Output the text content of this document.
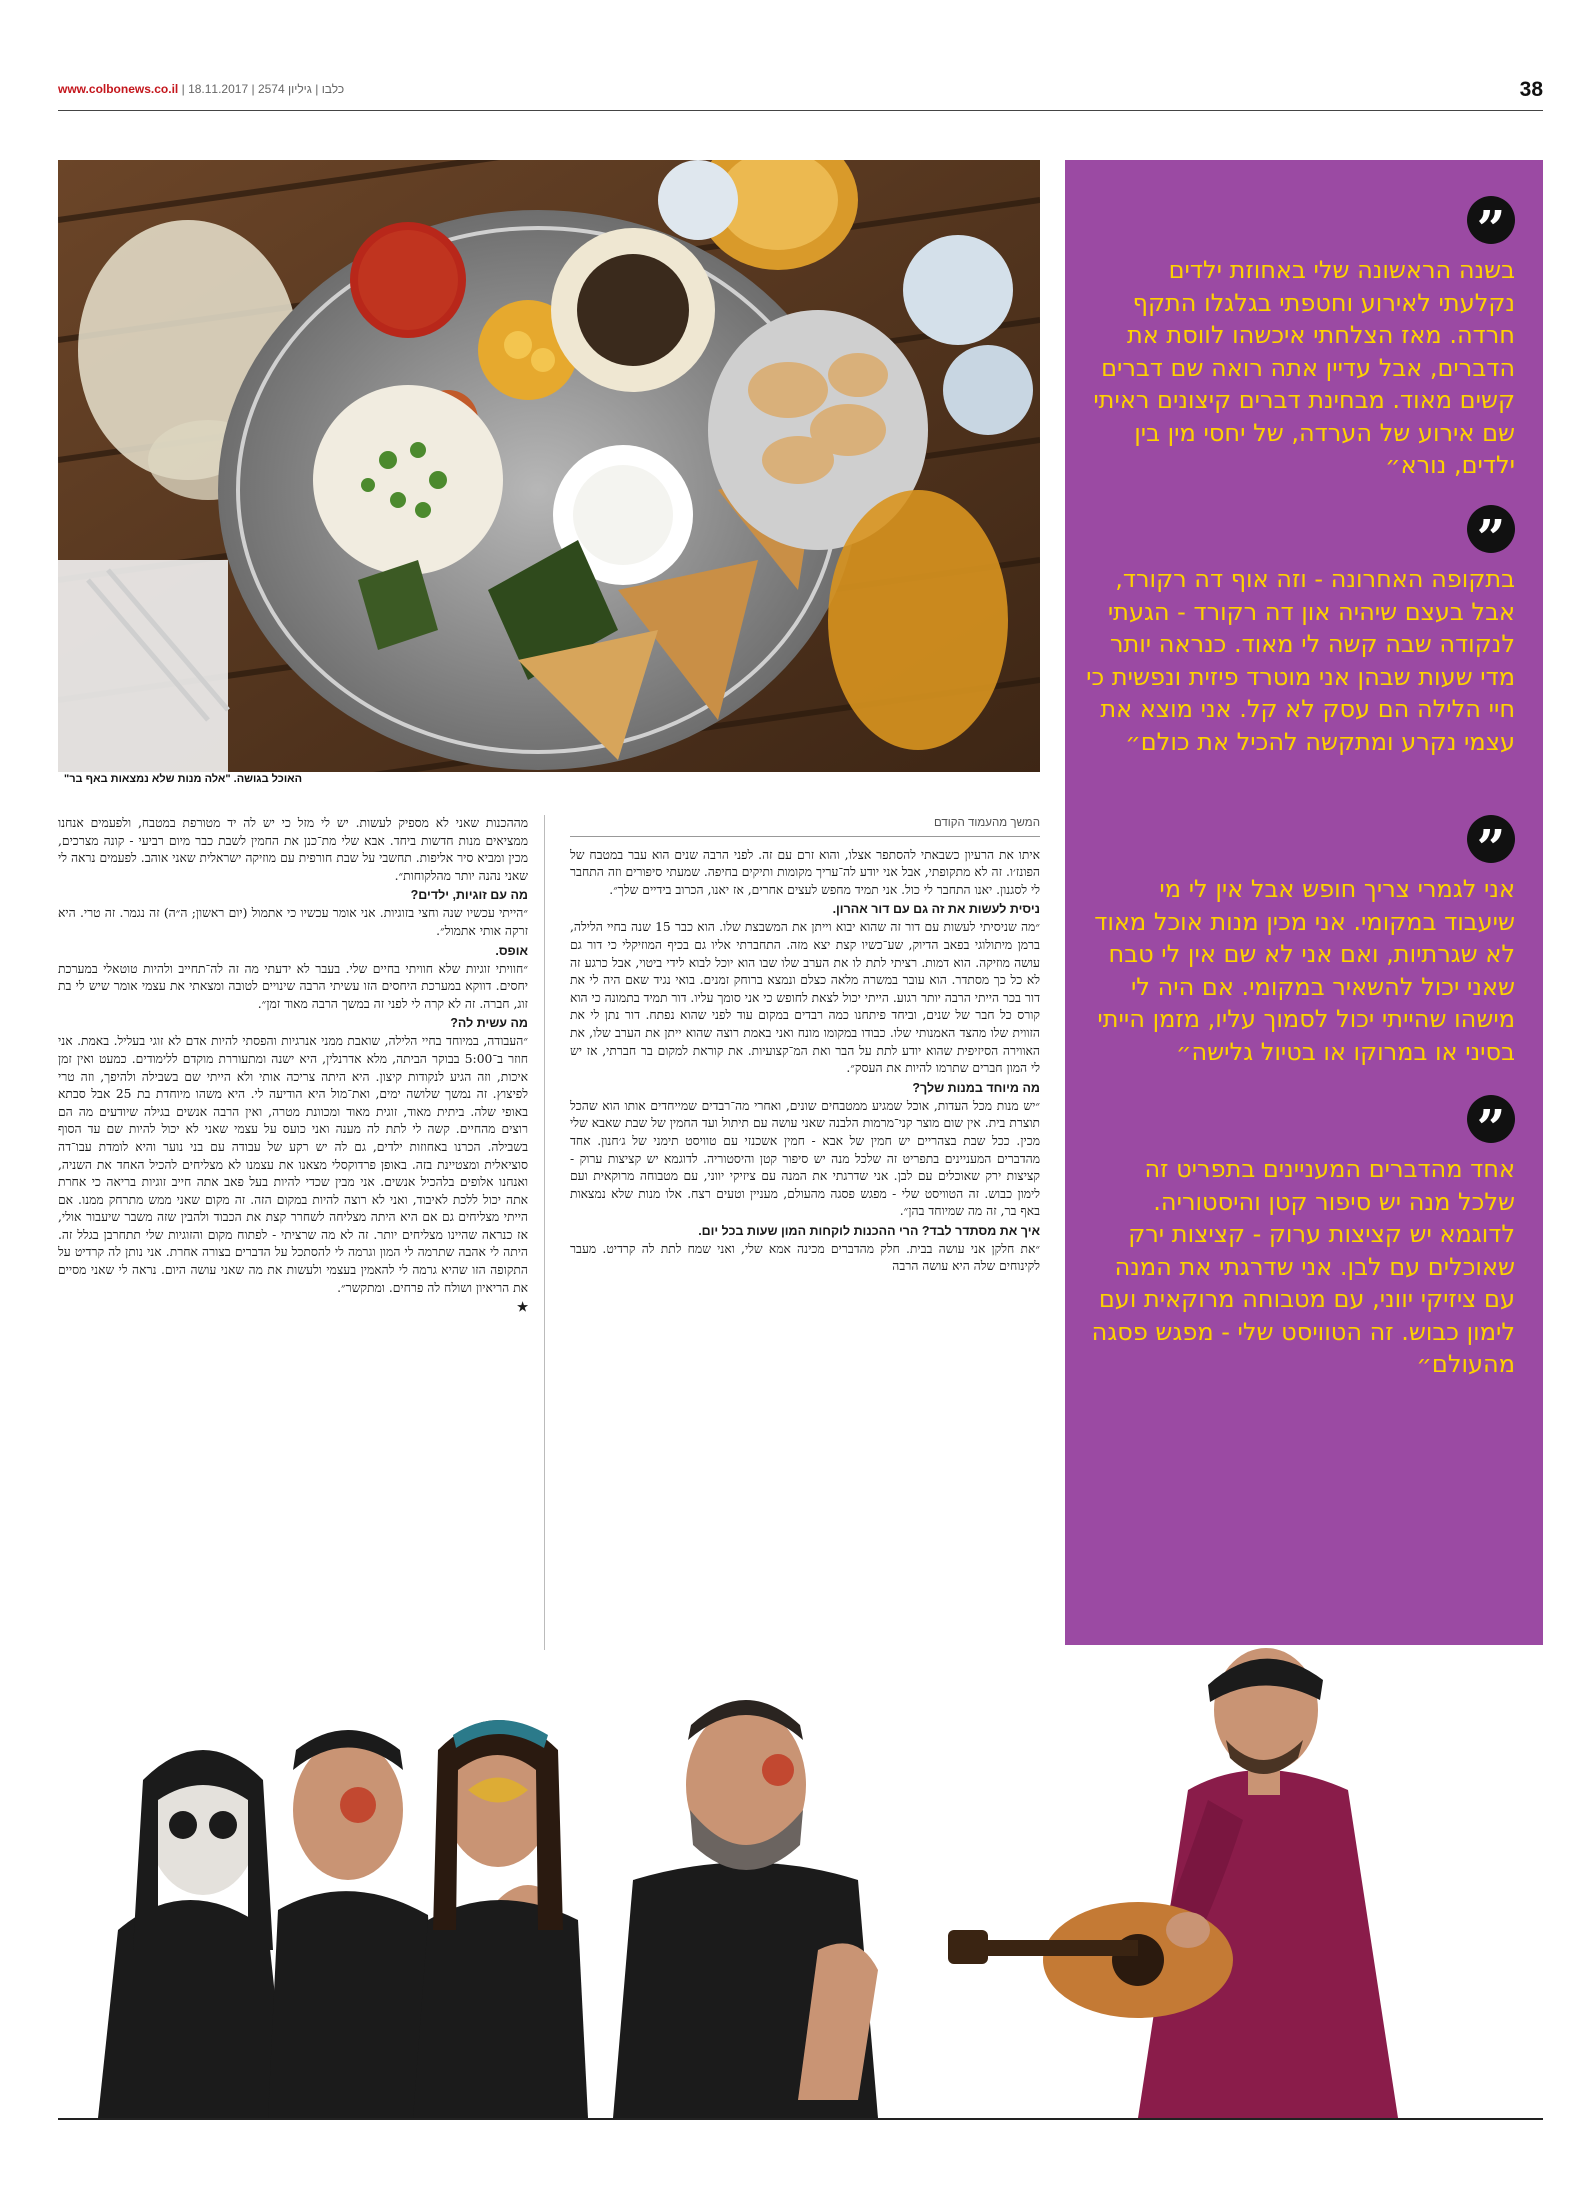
www.colbonews.co.il |	כלבו | גיליון 2574 | 18.11.2017	38
האוכל בגושה. "אלה מנות שלא נמצאות באף בר"
המשך מהעמוד הקודם

איתו את הרעיון כשבאתי להסתפר אצלו, והוא זרם עם זה. לפני הרבה שנים הוא עבר במטבח של הפונז׳ו. זה לא מתקופתי, אבל אני יודע לה־עריך מקומות ותיקים בחיפה. שמעתי סיפורים וזה התחבר לי לסגנון. יאנו התחבר לי כול. אני תמיד מחפש לעצים אחרים, אז יאנו, הכרוב בידיים שלך״.

ניסית לעשות את זה גם עם דור אהרון.

״מה שניסיתי לעשות עם דור זה שהוא יבוא וייתן את המשבצת שלו. הוא כבר 15 שנה בחיי הלילה, ברמן מיתולוגי בפאב הדיוק, שע־כשיו קצת יצא מזה. התחברתי אליו גם בכיף המוזיקלי כי דור גם עושה מוזיקה. הוא דמות. רציתי לתת לו את הערב שלו שבו הוא יוכל לבוא לידי ביטוי, אבל כרגע זה לא כל כך מסתדר. הוא עובר במשרה מלאה כצלם ונמצא ברוחק זמנים. בואי נגיד שאם היה לי את דור בכר הייתי הרבה יותר רגוע. הייתי יכול לצאת לחופש כי אני סומך עליו. דור תמיד בתמונה כי הוא קורס כל חבר של שנים, וביחד פיתחנו כמה רבדים במקום עוד לפני שהוא נפתח. דור נתן לי את הזווית שלו מהצד האמנותי שלו. כבודו במקומו מונח ואני באמת רוצה שהוא ייתן את הערב שלו, את האווירה הסיזיפית שהוא יודע לתת על הבר ואת המ־קצועיות. את קוראת למקום בר חברתי, אז יש לי המון חברים שתרמו להיות את העסק״.

מה מיוחד במנות שלך?

״יש מנות מכל העדות, אוכל שמגיע ממטבחים שונים, ואחרי מה־רבדים שמייחדים אותו הוא שהכל תוצרת בית. אין שום מוצר קני־מרמות הלבנה שאני עושה עם תיתול ועד החמין של שבת שאבא שלי מכין. ככל שבת בצהריים יש חמין של אבא - חמין אשכנזי עם טוויסט תימני של ג׳חנון. אחד מהדברים המעניינים בתפריט זה שלכל מנה יש סיפור קטן והיסטוריה. לדוגמא יש קציצות ערוק - קציצות ירק שאוכלים עם לבן. אני שדרגתי את המנה עם ציזיקי יווני, עם מטבוחה מרוקאית ועם לימון כבוש. זה הטוויסט שלי - מפגש פסגה מהעולם, מעניין וטעים רצח. אלו מנות שלא נמצאות באף בר, זה מה שמיוחד בהן״.

איך את מסתדר לבד? הרי ההכנות לוקחות המון שעות בכל יום.

״את חלקן אני עושה בבית. חלק מהדברים מכינה אמא שלי, ואני שמח לתת לה קרדיט. מעבר לקינוחים שלה היא עושה הרבה

מההכנות שאני לא מספיק לעשות. יש לי מזל כי יש לה יד מטורפת במטבח, ולפעמים אנחנו ממציאים מנות חדשות ביחד. אבא שלי מת־כנן את החמין לשבת כבר מיום רביעי - קונה מצרכים, מכין ומביא סיר אליפות. תחשבי על שבת חורפית עם מוזיקה ישראלית שאני אוהב. לפעמים נראה לי שאני נהנה יותר מהלקוחות״.

מה עם זוגיות, ילדים?

״הייתי עכשיו שנה וחצי בזוגיות. אני אומר עכשיו כי אתמול (יום ראשון; ה״ה) זה נגמר. זה טרי. היא זרקה אותי אתמול״.

אופס.

״חוויתי זוגיות שלא חוויתי בחיים שלי. בעבר לא ידעתי מה זה לה־תחייב ולהיות טוטאלי במערכת יחסים. דווקא במערכת היחסים הזו עשיתי הרבה שינויים לטובה ומצאתי את עצמי אומר שיש לי בת זוג, חברה. זה לא קרה לי לפני זה במשך הרבה מאוד זמן״.

מה עשית לה?

״העבודה, במיוחד בחיי הלילה, שואבת ממני אנרגיות והפסתי להיות אדם לא זוגי בעליל. באמת. אני חוזר ב־5:00 בבוקר הביתה, מלא אדרנלין, היא ישנה ומתעוררת מוקדם ללימודים. כמעט ואין זמן איכות, וזה הגיע לנקודות קיצון. היא היתה צריכה אותי ולא הייתי שם בשבילה ולהיפך, וזה טרי לפיצוץ. זה נמשך שלושה ימים, ואת־מול היא הודיעה לי. היא משהו מיוחדת בת 25 אבל סבתא באופי שלה. ביתית מאוד, זוגית מאוד ומכוונת מטרה, ואין הרבה אנשים בגילה שיודעים מה הם רוצים מהחיים. קשה לי לתת לה מענה ואני כועס על עצמי שאני לא יכול להיות שם עד הסוף בשבילה. הכרנו באחוזות ילדים, גם לה יש רקע של עבודה עם בני נוער והיא לומדת עבו־דה סוציאלית ומצטיינת בזה. באופן פרדוקסלי מצאנו את עצמנו לא מצליחים להכיל האחד את השניה, ואנחנו אלופים בלהכיל אנשים. אני מבין שכדי להיות בעל פאב אתה חייב זוגיות בריאה כי אחרת אתה יכול ללכת לאיבוד, ואני לא רוצה להיות במקום הזה. זה מקום שאני ממש מתרחק ממנו. אם הייתי מצליחים גם אם היא היתה מצליחה לשחרר קצת את הכבוד ולהבין שזה משבר שיעבור אולי, אז כנראה שהיינו מצליחים יותר. זה לא מה שרציתי - לפתוח מקום והזוגיות שלי תתחרבן בגלל זה. היתה לי אהבה שתרמה לי המון וגרמה לי להסתכל על הדברים בצורה אחרת. אני נותן לה קרדיט על התקופה הזו שהיא גרמה לי להאמין בעצמי ולעשות את מה שאני עושה היום. נראה לי שאני מסיים את הריאיון ושולח לה פרחים. ומתקשר״.

★
”
בשנה הראשונה שלי באחוזת ילדים נקלעתי לאירוע וחטפתי בגלגלו התקף חרדה. מאז הצלחתי איכשהו לווסת את הדברים, אבל עדיין אתה רואה שם דברים קשים מאוד. מבחינת דברים קיצונים ראיתי שם אירוע של הערדה, של יחסי מין בין ילדים, נורא״
”
בתקופה האחרונה - וזה אוף דה רקורד, אבל בעצם שיהיה און דה רקורד - הגעתי לנקודה שבה קשה לי מאוד. כנראה יותר מדי שעות שבהן אני מוטרד פיזית ונפשית כי חיי הלילה הם עסק לא קל. אני מוצא את עצמי נקרע ומתקשה להכיל את כולם״
”
אני לגמרי צריך חופש אבל אין לי מי שיעבוד במקומי. אני מכין מנות אוכל מאוד לא שגרתיות, ואם אני לא שם אין לי טבח שאני יכול להשאיר במקומי. אם היה לי מישהו שהייתי יכול לסמוך עליו, מזמן הייתי בסיני או במרוקו או בטיול גלישה״
”
אחד מהדברים המעניינים בתפריט זה שלכל מנה יש סיפור קטן והיסטוריה. לדוגמא יש קציצות ערוק - קציצות ירק שאוכלים עם לבן. אני שדרגתי את המנה עם ציזיקי יווני, עם מטבוחה מרוקאית ועם לימון כבוש. זה הטוויסט שלי - מפגש פסגה מהעולם״
